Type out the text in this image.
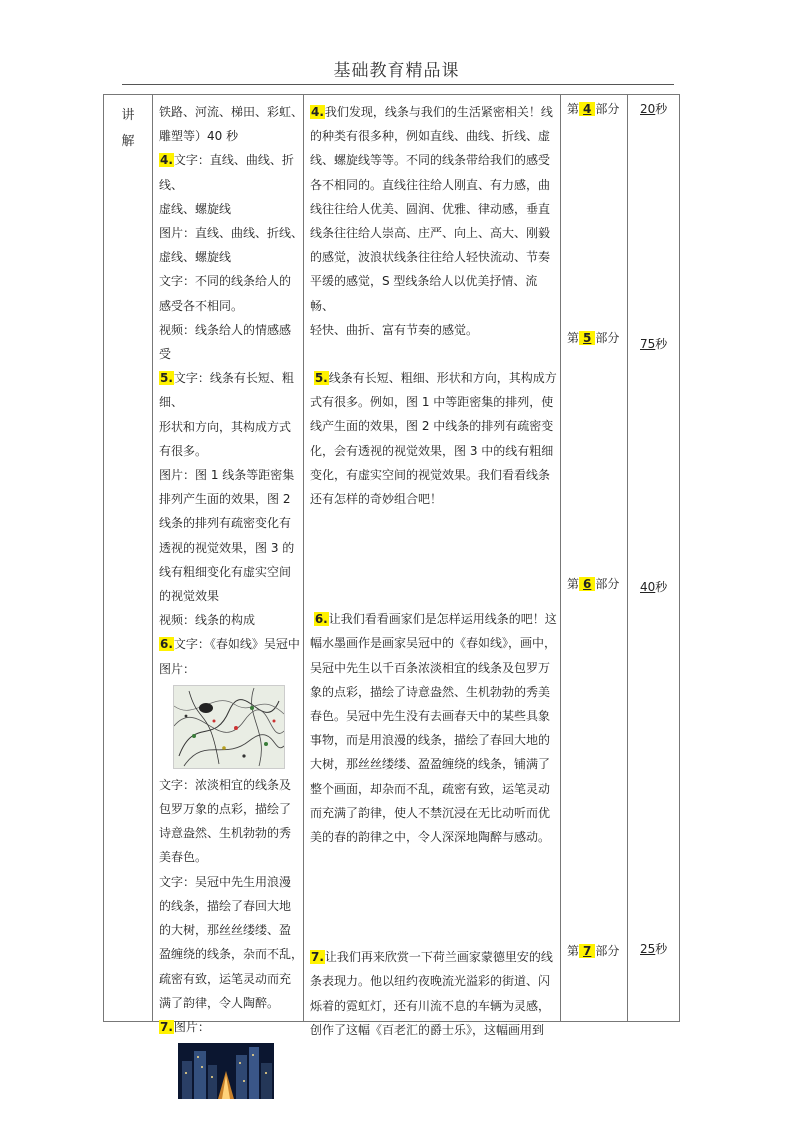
基础教育精品课
讲
解

铁路、河流、梯田、彩虹、

雕塑等）40 秒

4.文字：直线、曲线、折线、

虚线、螺旋线

图片：直线、曲线、折线、

虚线、螺旋线

文字：不同的线条给人的

感受各不相同。

视频：线条给人的情感感

受

5.文字：线条有长短、粗细、

形状和方向，其构成方式

有很多。

图片：图 1 线条等距密集

排列产生面的效果，图 2

线条的排列有疏密变化有

透视的视觉效果，图 3 的

线有粗细变化有虚实空间

的视觉效果

视频：线条的构成

6.文字：《春如线》吴冠中

图片：

文字：浓淡相宜的线条及

包罗万象的点彩，描绘了

诗意盎然、生机勃勃的秀

美春色。

文字：吴冠中先生用浪漫

的线条，描绘了春回大地

的大树，那丝丝缕缕、盈

盈缠绕的线条，杂而不乱，

疏密有致，运笔灵动而充

满了韵律，令人陶醉。

7.图片：

4.我们发现，线条与我们的生活紧密相关！线

的种类有很多种，例如直线、曲线、折线、虚

线、螺旋线等等。不同的线条带给我们的感受

各不相同的。直线往往给人刚直、有力感，曲

线往往给人优美、圆润、优雅、律动感，垂直

线条往往给人崇高、庄严、向上、高大、刚毅

的感觉，波浪状线条往往给人轻快流动、节奏

平缓的感觉，S 型线条给人以优美抒情、流畅、

轻快、曲折、富有节奏的感觉。

5.线条有长短、粗细、形状和方向，其构成方

式有很多。例如，图 1 中等距密集的排列，使

线产生面的效果，图 2 中线条的排列有疏密变

化，会有透视的视觉效果，图 3 中的线有粗细

变化，有虚实空间的视觉效果。我们看看线条

还有怎样的奇妙组合吧！

6.让我们看看画家们是怎样运用线条的吧！这

幅水墨画作是画家吴冠中的《春如线》，画中，

吴冠中先生以千百条浓淡相宜的线条及包罗万

象的点彩，描绘了诗意盎然、生机勃勃的秀美

春色。吴冠中先生没有去画春天中的某些具象

事物，而是用浪漫的线条，描绘了春回大地的

大树，那丝丝缕缕、盈盈缠绕的线条，铺满了

整个画面，却杂而不乱，疏密有致，运笔灵动

而充满了韵律，使人不禁沉浸在无比动听而优

美的春的韵律之中，令人深深地陶醉与感动。

7.让我们再来欣赏一下荷兰画家蒙德里安的线

条表现力。他以纽约夜晚流光溢彩的街道、闪

烁着的霓虹灯，还有川流不息的车辆为灵感，

创作了这幅《百老汇的爵士乐》，这幅画用到

第 4 部分
第 5 部分
第 6 部分
第 7 部分
20秒
75秒
40秒
25秒
